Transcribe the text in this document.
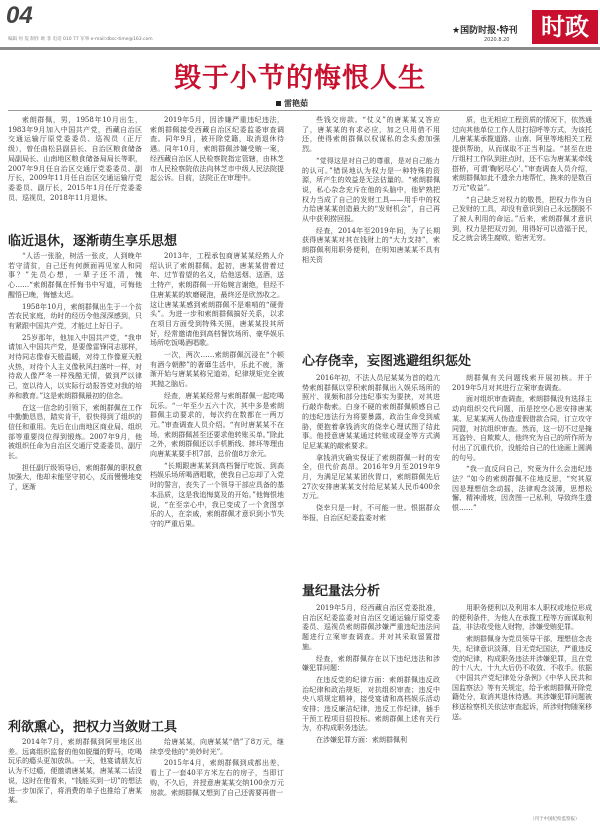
04
编辑 何 侃 制作 欧 菲 电话 010 77 军事 e-mail:dbsc-time@163.com
★国防时报·特刊
2020.8.20	时政
毁于小节的悔恨人生
雷艳茹

索朗群佩，男，1958年10月出生，1983年9月加入中国共产党，西藏自治区交通运输厅原党委委员、巡视员（正厅级），曾任曲松县副县长、自治区粮食储备局副局长、山南地区粮食储备局局长等职，2007年9月任自治区交通厅党委委员、副厅长，2009年11月任自治区交通运输厅党委委员、副厅长，2015年1月任厅党委委员、巡视员，2018年11月退休。

临近退休，逐渐萌生享乐思想

“人活一张脸，树活一张皮，人到晚年若守清贫，自己还有何颜面再见家人和同事？”先员心想，一辈子还不清，愧心……“索朗群佩在忏悔书中写道，可悔他醒悟已晚，悔憾太迟。

1958年10月，索朗群佩出生于一个贫苦农民家庭，幼时的经历令他深深感到，只有紧跟中国共产党，才能过上好日子。

25岁那年，他加入中国共产党，“我申请加入中国共产党，是要像雷锋同志那样，对待同志像春天般温暖，对待工作像夏天般火热，对待个人主义像秋风扫落叶一样，对待敌人像严冬一样残酷无情，做到严以律己，宽以待人，以实际行动报答党对我的培养和教育。”这是索朗群佩最初的信念。

在这一信念的引领下，索朗群佩在工作中勤勤恳恳，踏实肯干，很快得到了组织的信任和重用。先后在山南地区商业局、组织部等重要岗位得到锻炼。2007年9月，他被组织任命为自治区交通厅党委委员、副厅长。

担任副厅级领导后，索朗群佩的职权愈加强大，他却未能坚守初心，反而慢慢地变了，逐渐

利欲熏心，把权力当敛财工具

2014年7月，索朗群佩到阿里地区出差。远离组织监督的他如脱缰的野马，吃喝玩乐的瘾头更加放纵。一天，他宴请朋友后认为不过瘾，便邀请唐某某，唐某某二话没说，这时在他看来，“钱能买到一切”的想法进一步加深了，将消费的单子也推给了唐某某。

2019年5月，因涉嫌严重违纪违法，索朗群佩接受西藏自治区纪委监委审查调查。同年9月，被开除党籍，取消退休待遇。同年10月，索朗群佩涉嫌受贿一案，经西藏自治区人民检察院指定管辖，由林芝市人民检察院依法向林芝市中级人民法院提起公诉。目前，法院正在审理中。

2013年，工程承包商唐某某经熟人介绍认识了索朗群佩。起初，唐某某借着过年、过节看望的名义，给他送烟、送酒，送土特产，索朗群佩一开始婉言谢绝，但经不住唐某某的软磨硬泡，最终还是欣然收之。这让唐某某感到索朗群佩不是难啃的“硬骨头”。为进一步和索朗群佩搞好关系，以求在项目方面受到特殊关照，唐某某投其所好，经常邀请他到高档餐饮场所、豪华娱乐场所吃饭喝酒唱歌。

一次，两次……索朗群佩沉浸在“个顿有酒今朝醉”的奢靡生活中，乐此不疲，渐渐开始与唐某某称兄道弟，纪律规矩完全被其抛之脑后。

经查，唐某某经常与索朗群佩一起吃喝玩乐。“一年至少五六十次，其中多是索朗群佩主动要求的，每次约在数都在一两万元。”审查调查人员介绍。“有时唐某某不在场，索朗群佩甚至还要求他转账买单。”除此之外，索朗群佩还以手机断线、摔坏等理由向唐某某要手机7部，总价值8万余元。

“长期跟唐某某到高档餐厅吃饭、到高档娱乐场所喝酒唱歌，使我自己忘却了入党时的誓言，丧失了一个领导干部应具备的基本品质，这是我追悔莫及的开始。”他悔恨地说，“在至亲心中，我已变成了一个贪图享乐的人，在亲戚，索朗群佩才意识到小节失守的严重后果。

给唐某某，向唐某某“借”了8万元，继续享受他的“美妙时光”。

2015年4月，索朗群佩到成都出差，看上了一套40平方米左右的房子，当即订购，不久后，并授意唐某某交纳100余万元房款。索朗群佩又想到了自己还需要再借一

些钱交房款。“仗义”的唐某某又答应了，唐某某的有求必应，加之只用借不用还，使得索朗群佩以权谋私的念头愈加强烈。

“觉得这是对自己的尊重，是对自己能力的认可。”错误地认为权力是一种特殊的资源，所产生的效益是无法估量的。“索朗群佩说，私心杂念充斥在他的头脑中，他铲熟把权力当成了自己的发财工具——用手中的权力给唐某某创造最大的“发财机会”，自己再从中获利捞回报。

经查，2014年至2019年间，为了长期获得唐某某对其在钱财上的“大力支持”，索朗群佩利用职务便利，在明知唐某某不具有相关资

2016年初，不法人员尼某某为首的趋亢势索朗群佩以穿积索朗群佩出入娱乐场所的照片、视频和部分违纪事实为要挟，对其进行敲诈勒索。白身不硬的索朗群佩顿感自己的违纪违法行为将要暴露，政治生命受到威胁，便抱着拿钱消灾的侥幸心理试图了结此事。他授意唐某某通过转账或现金等方式满足尼某某的敲索要求。

拿钱消灾确实保证了索朗群佩一时的安全，但代价高昂。2016年9月至2019年9月，为满足尼某某团伙胃口，索朗群佩先后27次安排唐某某支付给尼某某人民币400余万元。

侥幸只是一时，不可能一世。恨据群众举报，自治区纪委监委对索

2019年5月，经西藏自治区党委批准，自治区纪委监委对自治区交通运输厅原党委委员、巡视员索朗群佩涉嫌严重违纪违法问题进行立案审查调查。并对其采取留置措施。

经查，索朗群佩存在以下违纪违法和涉嫌犯罪问题：

在违反党的纪律方面：索朗群佩违反政治纪律和政治规矩，对抗组织审查；违反中央八项规定精神，接受宴请和高档娱乐活动安排；违反廉洁纪律，违反工作纪律，插手干预工程项目招投标。索朗群佩上述有关行为，亦构成职务违法。

在涉嫌犯罪方面：索朗群佩利

质，也无相应工程资质的情况下，依然通过向其他单位工作人员打招呼等方式，为该托儿唐某某承揽道路、山南、阿里等地相关工程提供帮助，从而谋取不正当利益。“甚至在进厅组村工作队到驻点时，还不忘为唐某某牵线搭桥，可谓‘鞠躬尽心’。”审查调查人员介绍，索朗群佩如此不遗余力地帮忙，换来的是数百万元“收益”。

“自己缺乏对权力的敬畏，把权力作为自己发财的工具，却没有意识到自己永远摆脱不了被人利用的命运。”后来，索朗群佩才意识到，权力是把双刃剑，用得好可以造福于民，反之就会诱生腐败，贻害无穷。

心存侥幸，妄图逃避组织惩处

朗群佩有关问题线索开展初核。并于2019年5月对其进行立案审查调查。

面对组织审查调查，索朗群佩没有选择主动向组织交代问题，而是挖空心思安排唐某某、尼某某两人伪造虚假借款合同，订立攻守同盟，对抗组织审查。然而，这一切不过是掩耳盗铃、自欺欺人，他终究为自己的所作所为付出了沉重代价，没能给自己的仕途画上圆满的句号。

“我一直反问自己，究竟为什么会违纪违法？”如今的索朗群佩不住地反思，“究其原因是理想信念动摇，法律观念淡薄，思想松懈、精神滑坡，因贪图一己私利，导致终生遗恨……”

量纪量法分析

用职务便利以及利用本人职权或地位形成的便利条件，为他人在承揽工程等方面谋取利益，非法收受他人财物，涉嫌受贿犯罪。

索朗群佩身为党员领导干部，理想信念丧失，纪律意识淡薄，目无党纪国法，严重违反党的纪律，构成职务违法并涉嫌犯罪，且在党的十八大、十九大后仍不收敛、不收手。依据《中国共产党纪律处分条例》《中华人民共和国监察法》等有关规定，给予索朗群佩开除党籍处分，取消其退休待遇。其涉嫌犯罪问题被移送检察机关依法审查起诉，所涉财物随案移送。

（刊于中国纪检监察报）
